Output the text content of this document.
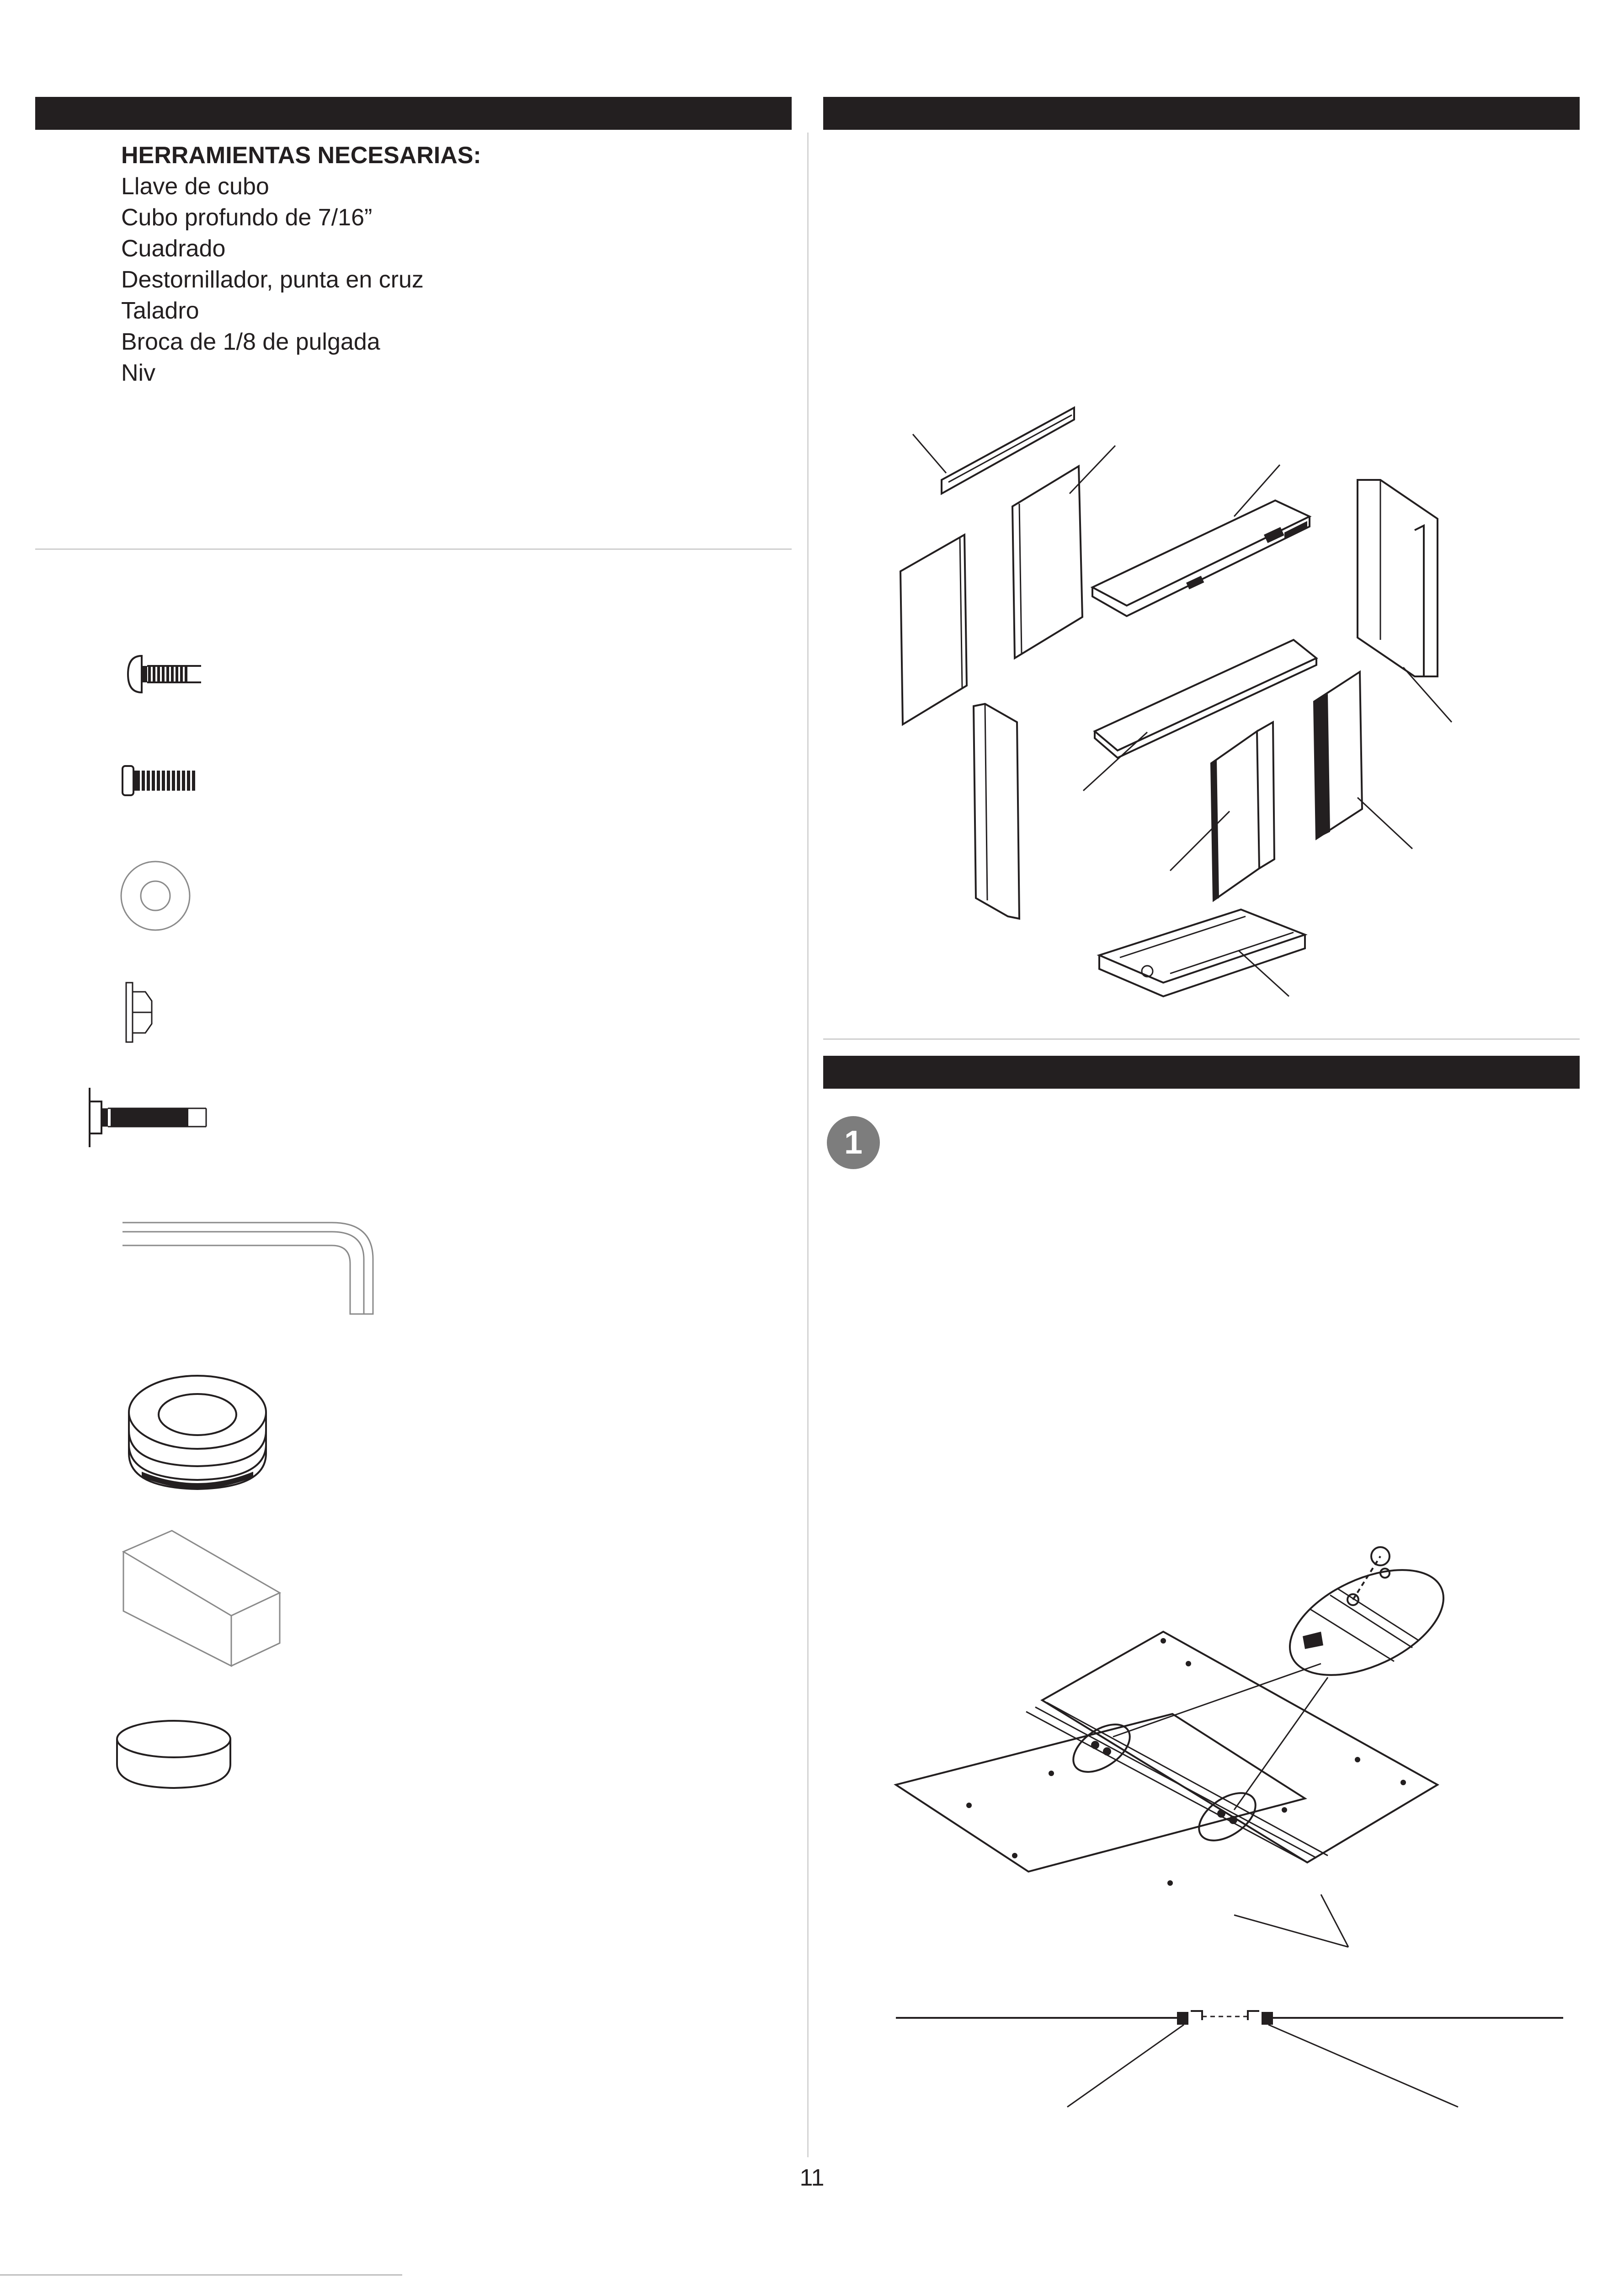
HERRAMIENTAS NECESARIAS:
Llave de cubo
Cubo profundo de 7/16”
Cuadrado
Destornillador, punta en cruz
Taladro
Broca de 1/8 de pulgada
Niv
1
11
